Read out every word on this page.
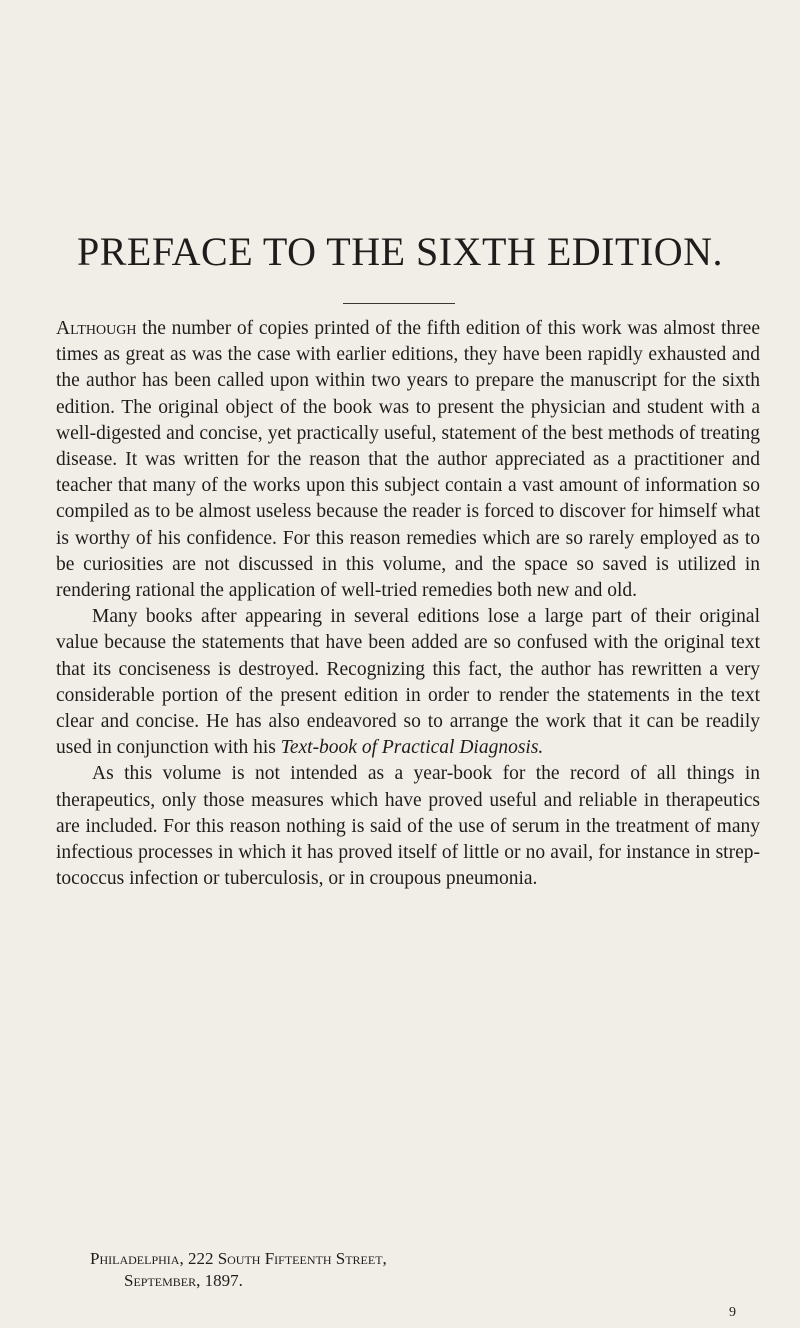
PREFACE TO THE SIXTH EDITION.

Although the number of copies printed of the fifth edition of this work was almost three times as great as was the case with earlier editions, they have been rapidly exhausted and the author has been called upon within two years to prepare the manuscript for the sixth edition. The original object of the book was to present the physician and student with a well-digested and concise, yet practically useful, statement of the best methods of treating disease. It was written for the reason that the author appreciated as a practitioner and teacher that many of the works upon this subject contain a vast amount of information so compiled as to be almost useless because the reader is forced to discover for himself what is worthy of his confidence. For this reason remedies which are so rarely employed as to be curiosities are not discussed in this volume, and the space so saved is utilized in rendering rational the application of well-tried remedies both new and old.

Many books after appearing in several editions lose a large part of their original value because the statements that have been added are so confused with the original text that its conciseness is destroyed. Recognizing this fact, the author has rewritten a very considerable portion of the present edition in order to render the statements in the text clear and concise. He has also endeavored so to arrange the work that it can be readily used in conjunction with his Text-book of Practical Diagnosis.

As this volume is not intended as a year-book for the record of all things in therapeutics, only those measures which have proved useful and reliable in therapeutics are included. For this reason nothing is said of the use of serum in the treatment of many infectious processes in which it has proved itself of little or no avail, for instance in streptococcus infection or tuberculosis, or in croupous pneumonia.

Philadelphia, 222 South Fifteenth Street,
September, 1897.
9
